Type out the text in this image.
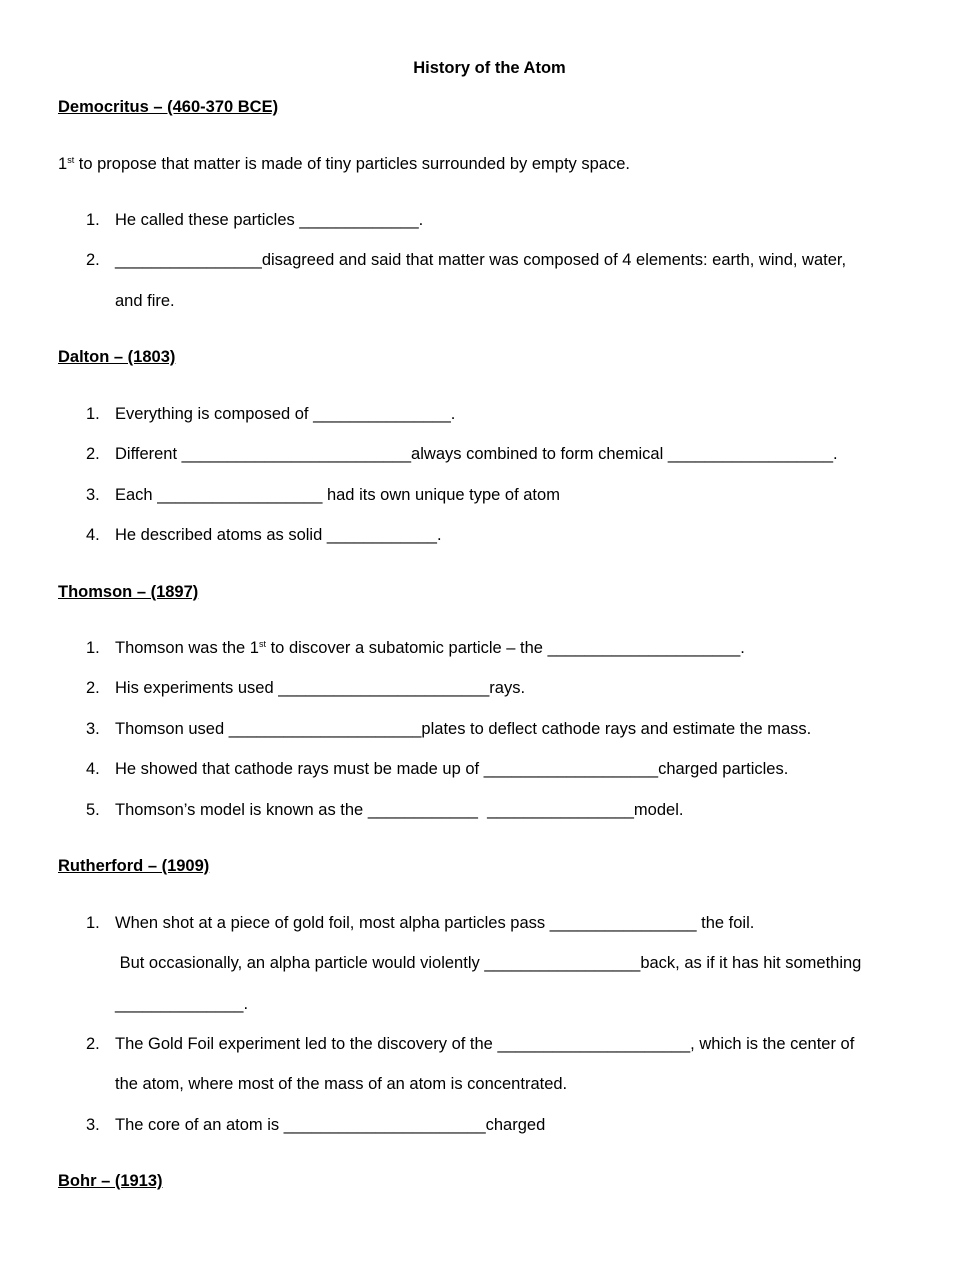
History of the Atom
Democritus – (460-370 BCE)
1st to propose that matter is made of tiny particles surrounded by empty space.
1. He called these particles _____________.
2. ________________disagreed and said that matter was composed of 4 elements: earth, wind, water,
and fire.
Dalton – (1803)
1. Everything is composed of _______________.
2. Different _________________________always combined to form chemical __________________.
3. Each __________________ had its own unique type of atom
4. He described atoms as solid ____________.
Thomson – (1897)
1. Thomson was the 1st to discover a subatomic particle – the _____________________.
2. His experiments used _______________________rays.
3. Thomson used _____________________plates to deflect cathode rays and estimate the mass.
4. He showed that cathode rays must be made up of ___________________charged particles.
5. Thomson’s model is known as the ____________  ________________model.
Rutherford – (1909)
1. When shot at a piece of gold foil, most alpha particles pass ________________ the foil.
But occasionally, an alpha particle would violently _________________back, as if it has hit something
______________.
2. The Gold Foil experiment led to the discovery of the _____________________, which is the center of
the atom, where most of the mass of an atom is concentrated.
3. The core of an atom is ______________________charged
Bohr – (1913)
